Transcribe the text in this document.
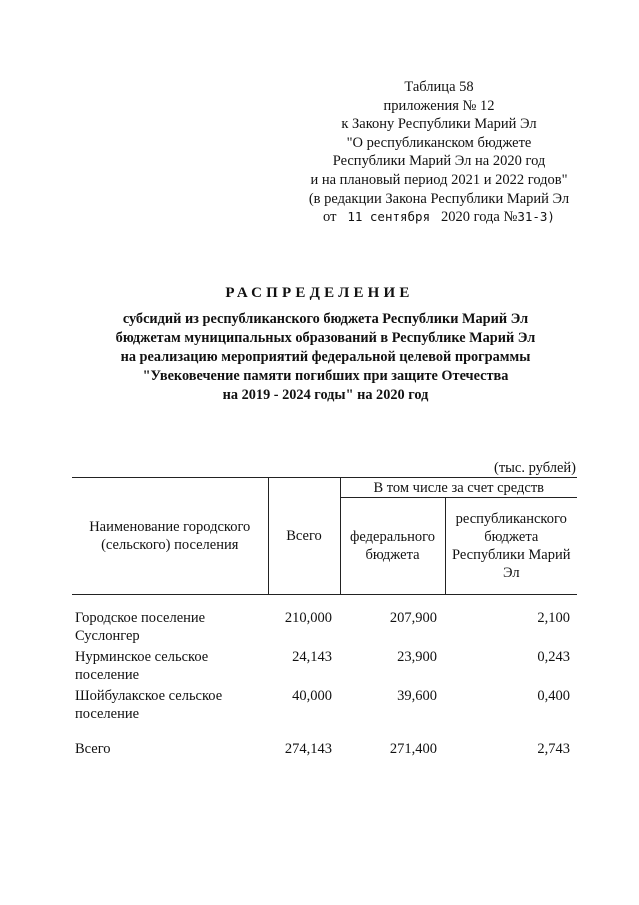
Таблица 58
приложения № 12
к Закону Республики Марий Эл
"О республиканском бюджете
Республики Марий Эл на 2020 год
и на плановый период 2021 и 2022 годов"
(в редакции Закона Республики Марий Эл
от 11 сентября 2020 года №31-З)
РАСПРЕДЕЛЕНИЕ
субсидий из республиканского бюджета Республики Марий Эл
бюджетам муниципальных образований в Республике Марий Эл
на реализацию мероприятий федеральной целевой программы
"Увековечение памяти погибших при защите Отечества
на 2019 - 2024 годы" на 2020 год
(тыс. рублей)
Наименование городского (сельского) поселения	Всего	В том числе за счет средств	
		федерального бюджета	республиканского бюджета Республики Марий Эл
Городское поселение Суслонгер	210,000	207,900	2,100
Нурминское сельское поселение	24,143	23,900	0,243
Шойбулакское сельское поселение	40,000	39,600	0,400
Всего	274,143	271,400	2,743
